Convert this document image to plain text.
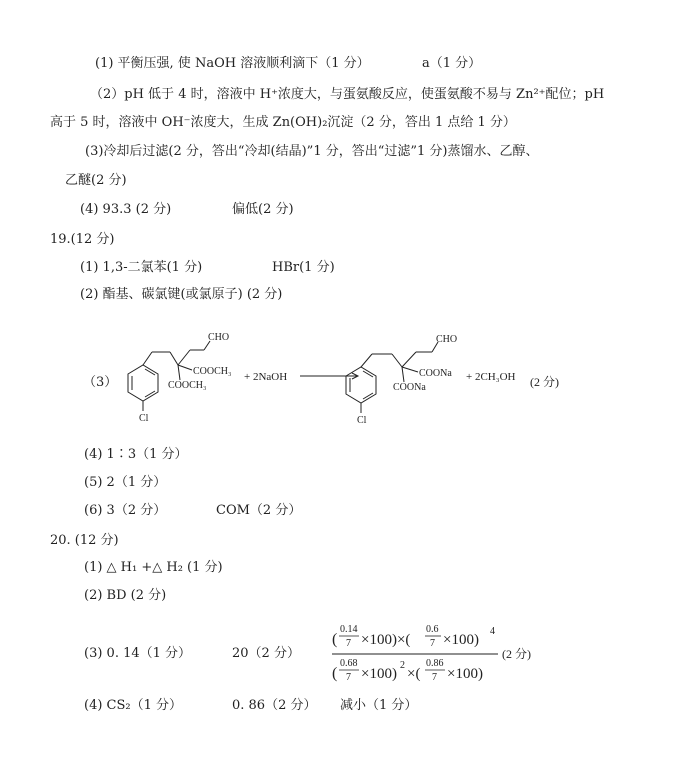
(1) 平衡压强, 使 NaOH 溶液顺利滴下（1 分）	a（1 分）
（2）pH 低于 4 时，溶液中 H⁺浓度大，与蛋氨酸反应，使蛋氨酸不易与 Zn²⁺配位；pH
高于 5 时，溶液中 OH⁻浓度大，生成 Zn(OH)₂沉淀（2 分，答出 1 点给 1 分）
(3)冷却后过滤(2 分，答出“冷却(结晶)”1 分，答出“过滤”1 分)蒸馏水、乙醇、
乙醚(2 分)
(4) 93.3 (2 分)	偏低(2 分)
19.(12 分)
(1) 1,3-二氯苯(1 分)	HBr(1 分)
(2) 酯基、碳氯键(或氯原子) (2 分)
（3）
CHO
COOCH₃
COOCH₃
Cl
+ 2NaOH
CHO
COONa
COONa
Cl
+ 2CH₃OH (2 分)
(4) 1∶3（1 分）
(5) 2（1 分）
(6) 3（2 分）	COM（2 分）
20. (12 分)
(1) △ H₁ +△ H₂ (1 分)
(2) BD (2 分)
(3) 0. 14（1 分）	20（2 分）
(
0.14
7 ×100)×(
0.6
7 ×100)
4
(
0.68
7 ×100)
2
×(
0.86
7 ×100)
(2 分)
(4) CS₂（1 分）	0. 86（2 分） 减小（1 分）
